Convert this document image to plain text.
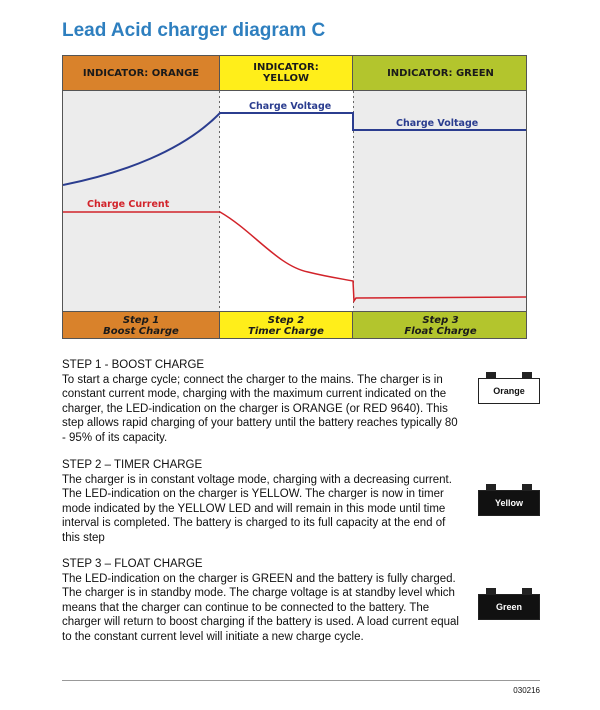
Lead Acid charger diagram C
INDICATOR: ORANGE	INDICATOR:
YELLOW	INDICATOR: GREEN
Charge Voltage
Charge Voltage
Charge Current
Step 1
Boost Charge
Step 2
Timer Charge
Step 3
Float Charge
STEP 1 - BOOST CHARGE

To start a charge cycle; connect the charger to the mains. The charger is in constant current mode, charging with the maximum current indicated on the charger, the LED-indication on the charger is ORANGE (or RED 9640). This step allows rapid charging of your battery until the battery reaches typically 80 - 95% of its capacity.

STEP 2 – TIMER CHARGE

The charger is in constant voltage mode, charging with a decreasing current. The LED-indication on the charger is YELLOW. The charger is now in timer mode indicated by the YELLOW LED and will remain in this mode until time interval is completed. The battery is charged to its full capacity at the end of this step

STEP 3 – FLOAT CHARGE

The LED-indication on the charger is GREEN and the battery is fully charged. The charger is in standby mode. The charge voltage is at standby level which means that the charger can continue to be connected to the battery. The charger will return to boost charging if the battery is used. A load current equal to the constant current level will initiate a new charge cycle.

Orange
Yellow
Green
030216
